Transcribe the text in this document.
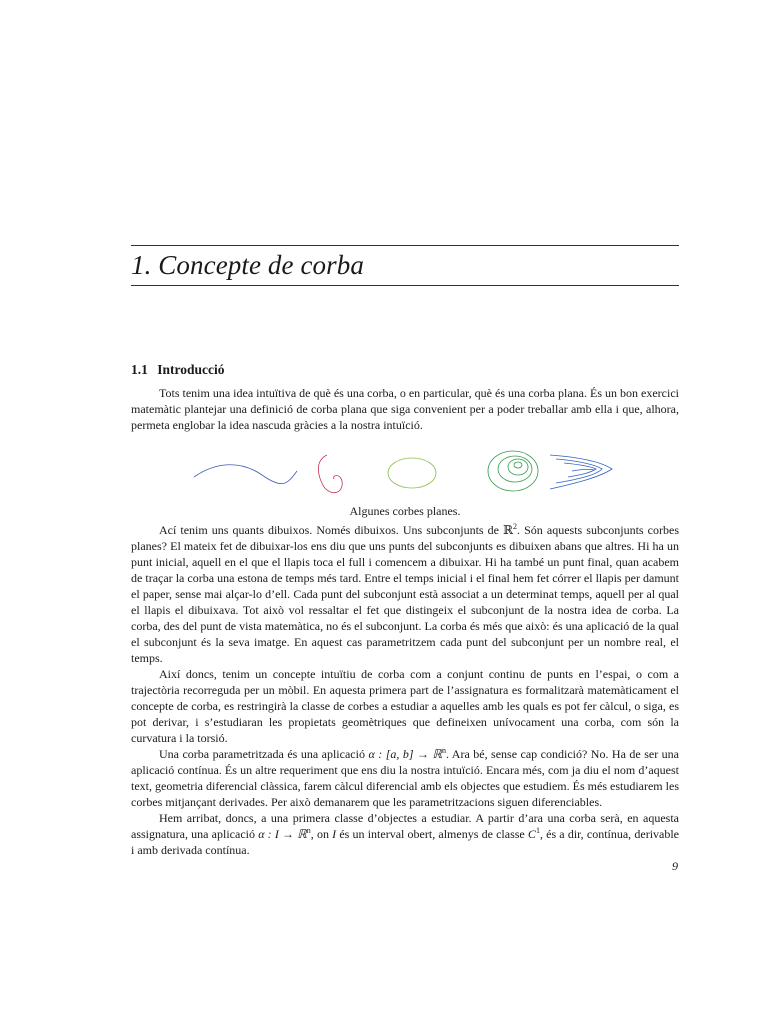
1. Concepte de corba
1.1 Introducció

Tots tenim una idea intuïtiva de què és una corba, o en particular, què és una corba plana. És un bon exercici matemàtic plantejar una definició de corba plana que siga convenient per a poder treballar amb ella i que, alhora, permeta englobar la idea nascuda gràcies a la nostra intuïció.

Algunes corbes planes.

Ací tenim uns quants dibuixos. Només dibuixos. Uns subconjunts de ℝ$^2$. Són aquests subconjunts corbes planes? El mateix fet de dibuixar-los ens diu que uns punts del subconjunts es dibuixen abans que altres. Hi ha un punt inicial, aquell en el que el llapis toca el full i comencem a dibuixar. Hi ha també un punt final, quan acabem de traçar la corba una estona de temps més tard. Entre el temps inicial i el final hem fet córrer el llapis per damunt el paper, sense mai alçar-lo d’ell. Cada punt del subconjunt està associat a un determinat temps, aquell per al qual el llapis el dibuixava. Tot això vol ressaltar el fet que distingeix el subconjunt de la nostra idea de corba. La corba, des del punt de vista matemàtica, no és el subconjunt. La corba és més que això: és una aplicació de la qual el subconjunt és la seva imatge. En aquest cas parametritzem cada punt del subconjunt per un nombre real, el temps.

Així doncs, tenim un concepte intuïtiu de corba com a conjunt continu de punts en l’espai, o com a trajectòria recorreguda per un mòbil. En aquesta primera part de l’assignatura es formalitzarà matemàticament el concepte de corba, es restringirà la classe de corbes a estudiar a aquelles amb les quals es pot fer càlcul, o siga, es pot derivar, i s’estudiaran les propietats geomètriques que defineixen unívocament una corba, com són la curvatura i la torsió.

Una corba parametritzada és una aplicació α : [a, b] → ℝ$^n$. Ara bé, sense cap condició? No. Ha de ser una aplicació contínua. És un altre requeriment que ens diu la nostra intuïció. Encara més, com ja diu el nom d’aquest text, geometria diferencial clàssica, farem càlcul diferencial amb els objectes que estudiem. És més estudiarem les corbes mitjançant derivades. Per això demanarem que les parametritzacions siguen diferenciables.

Hem arribat, doncs, a una primera classe d’objectes a estudiar. A partir d’ara una corba serà, en aquesta assignatura, una aplicació α : I → ℝ$^n$, on I és un interval obert, almenys de classe $C^1$, és a dir, contínua, derivable i amb derivada contínua.

9
